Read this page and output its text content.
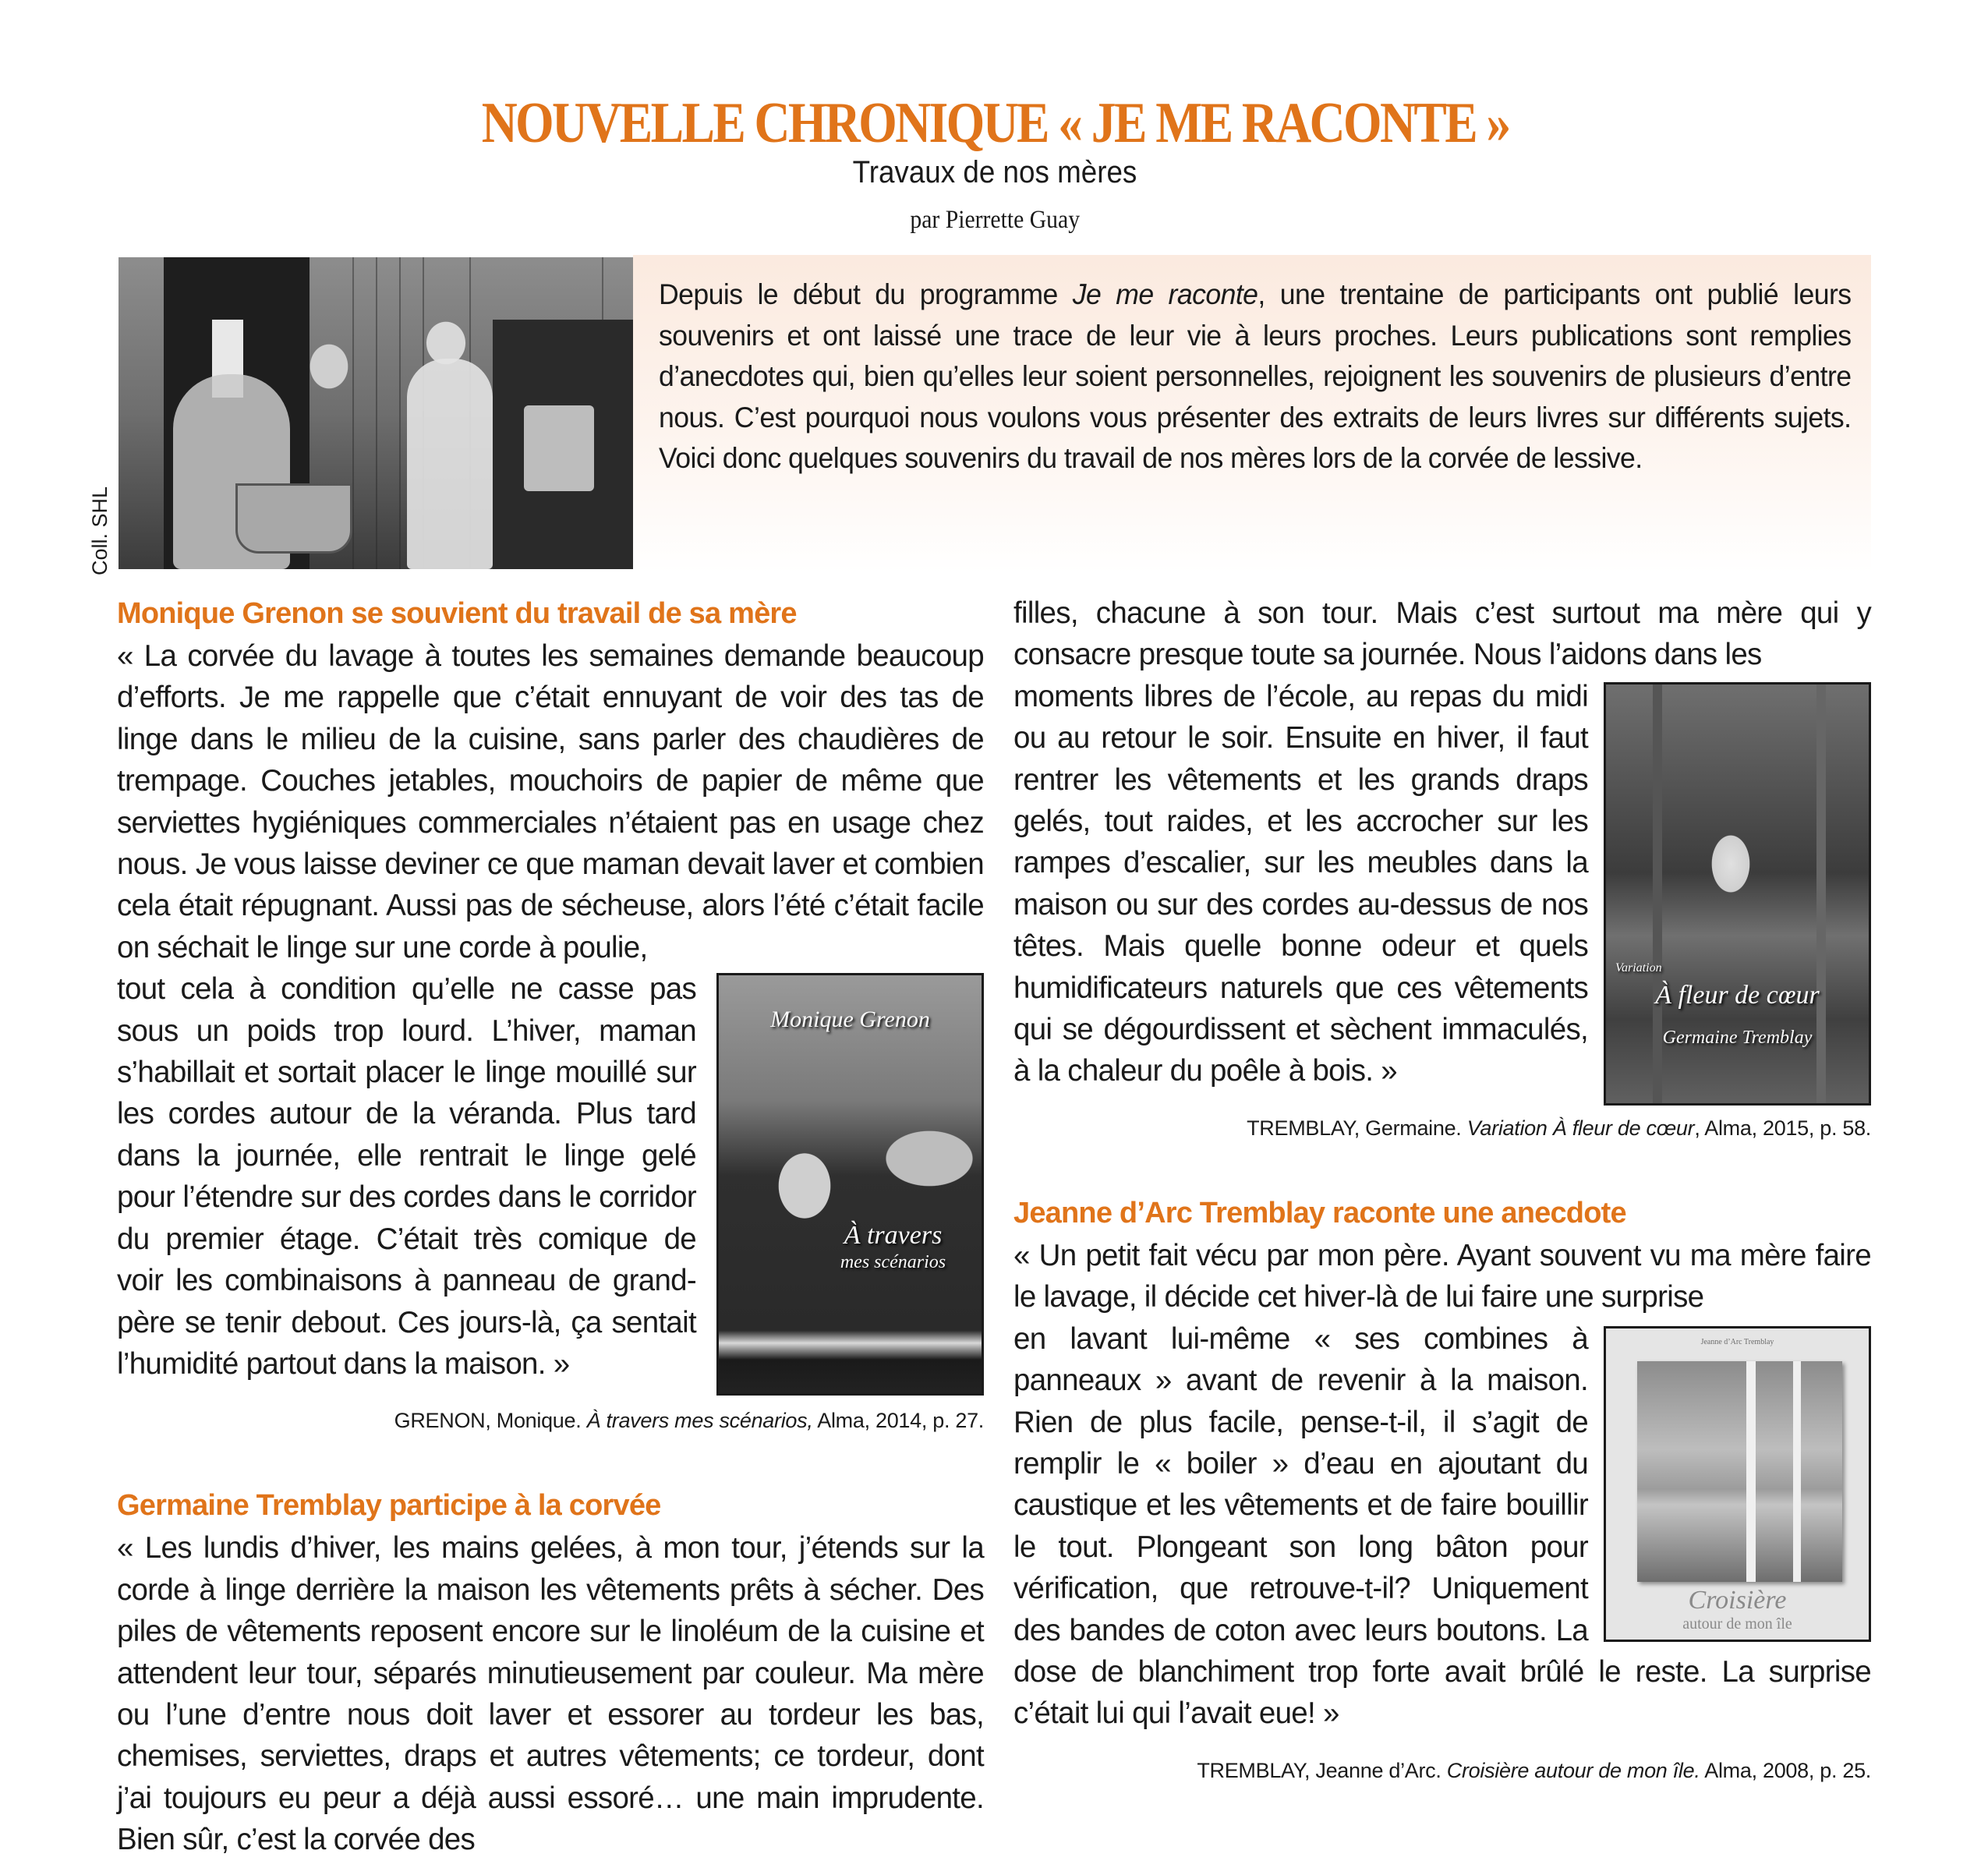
NOUVELLE CHRONIQUE « JE ME RACONTE »
Travaux de nos mères
par Pierrette Guay
Coll. SHL

Depuis le début du programme Je me raconte, une trentaine de participants ont publié leurs souvenirs et ont laissé une trace de leur vie à leurs proches. Leurs publications sont remplies d’anecdotes qui, bien qu’elles leur soient personnelles, rejoignent les souvenirs de plusieurs d’entre nous. C’est pourquoi nous voulons vous présenter des extraits de leurs livres sur différents sujets. Voici donc quelques souvenirs du travail de nos mères lors de la corvée de lessive.

Monique Grenon se souvient du travail de sa mère

« La corvée du lavage à toutes les semaines demande beaucoup d’efforts. Je me rappelle que c’était ennuyant de voir des tas de linge dans le milieu de la cuisine, sans parler des chaudières de trempage. Couches jetables, mouchoirs de papier de même que serviettes hygiéniques commerciales n’étaient pas en usage chez nous. Je vous laisse deviner ce que maman devait laver et combien cela était répugnant. Aussi pas de sécheuse, alors l’été c’était facile on séchait le linge sur une corde à poulie,

Monique Grenon
À travers
mes scénarios

tout cela à condition qu’elle ne casse pas sous un poids trop lourd. L’hiver, maman s’habillait et sortait placer le linge mouillé sur les cordes autour de la véranda. Plus tard dans la journée, elle rentrait le linge gelé pour l’étendre sur des cordes dans le corridor du premier étage. C’était très comique de voir les combinaisons à panneau de grand-père se tenir debout. Ces jours-là, ça sentait l’humidité partout dans la maison. »

GRENON, Monique. À travers mes scénarios, Alma, 2014, p. 27.

Germaine Tremblay participe à la corvée

« Les lundis d’hiver, les mains gelées, à mon tour, j’étends sur la corde à linge derrière la maison les vêtements prêts à sécher. Des piles de vêtements reposent encore sur le linoléum de la cuisine et attendent leur tour, séparés minutieusement par couleur. Ma mère ou l’une d’entre nous doit laver et essorer au tordeur les bas, chemises, serviettes, draps et autres vêtements; ce tordeur, dont j’ai toujours eu peur a déjà aussi essoré… une main imprudente. Bien sûr, c’est la corvée des

filles, chacune à son tour. Mais c’est surtout ma mère qui y consacre presque toute sa journée. Nous l’aidons dans les

Variation
À fleur de cœur
Germaine Tremblay

moments libres de l’école, au repas du midi ou au retour le soir. Ensuite en hiver, il faut rentrer les vêtements et les grands draps gelés, tout raides, et les accrocher sur les rampes d’escalier, sur les meubles dans la maison ou sur des cordes au-dessus de nos têtes. Mais quelle bonne odeur et quels humidificateurs naturels que ces vêtements qui se dégourdissent et sèchent immaculés, à la chaleur du poêle à bois. »

TREMBLAY, Germaine. Variation À fleur de cœur, Alma, 2015, p. 58.

Jeanne d’Arc Tremblay raconte une anecdote

« Un petit fait vécu par mon père. Ayant souvent vu ma mère faire le lavage, il décide cet hiver-là de lui faire une surprise

Jeanne d’Arc Tremblay
Croisière
autour de mon île

en lavant lui-même « ses combines à panneaux » avant de revenir à la maison. Rien de plus facile, pense-t-il, il s’agit de remplir le « boiler » d’eau en ajoutant du caustique et les vêtements et de faire bouillir le tout. Plongeant son long bâton pour vérification, que retrouve-t-il? Uniquement des bandes de coton avec leurs boutons. La dose de blanchiment trop forte avait brûlé le reste. La surprise c’était lui qui l’avait eue! »

TREMBLAY, Jeanne d’Arc. Croisière autour de mon île. Alma, 2008, p. 25.
